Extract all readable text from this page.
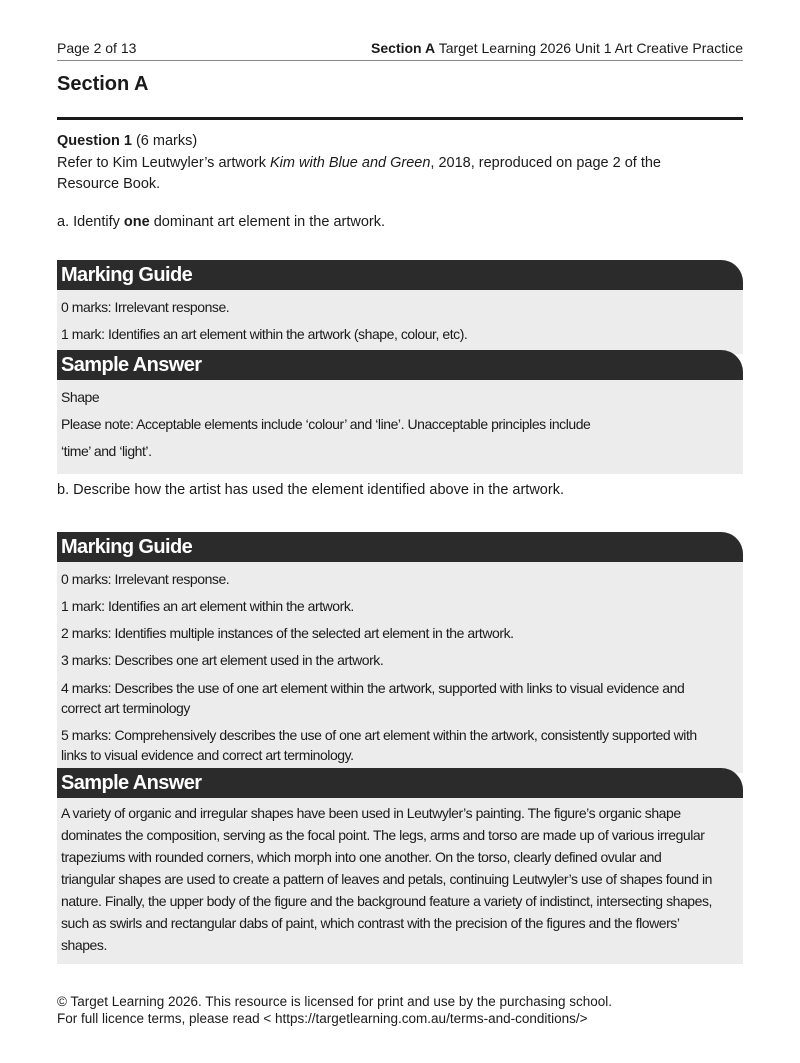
Page 2 of 13	Section A Target Learning 2026 Unit 1 Art Creative Practice
Section A
Question 1 (6 marks)
Refer to Kim Leutwyler’s artwork Kim with Blue and Green, 2018, reproduced on page 2 of the
Resource Book.
a. Identify one dominant art element in the artwork.
Marking Guide
0 marks: Irrelevant response.
1 mark: Identifies an art element within the artwork (shape, colour, etc).
Sample Answer
Shape
Please note: Acceptable elements include ‘colour’ and ‘line’. Unacceptable principles include
‘time’ and ‘light’.
b. Describe how the artist has used the element identified above in the artwork.
Marking Guide
0 marks: Irrelevant response.
1 mark: Identifies an art element within the artwork.
2 marks: Identifies multiple instances of the selected art element in the artwork.
3 marks: Describes one art element used in the artwork.
4 marks: Describes the use of one art element within the artwork, supported with links to visual evidence and
correct art terminology
5 marks: Comprehensively describes the use of one art element within the artwork, consistently supported with
links to visual evidence and correct art terminology.
Sample Answer
A variety of organic and irregular shapes have been used in Leutwyler’s painting. The figure’s organic shape
dominates the composition, serving as the focal point. The legs, arms and torso are made up of various irregular
trapeziums with rounded corners, which morph into one another. On the torso, clearly defined ovular and
triangular shapes are used to create a pattern of leaves and petals, continuing Leutwyler’s use of shapes found in
nature. Finally, the upper body of the figure and the background feature a variety of indistinct, intersecting shapes,
such as swirls and rectangular dabs of paint, which contrast with the precision of the figures and the flowers’
shapes.
© Target Learning 2026. This resource is licensed for print and use by the purchasing school.
For full licence terms, please read < https://targetlearning.com.au/terms-and-conditions/>
